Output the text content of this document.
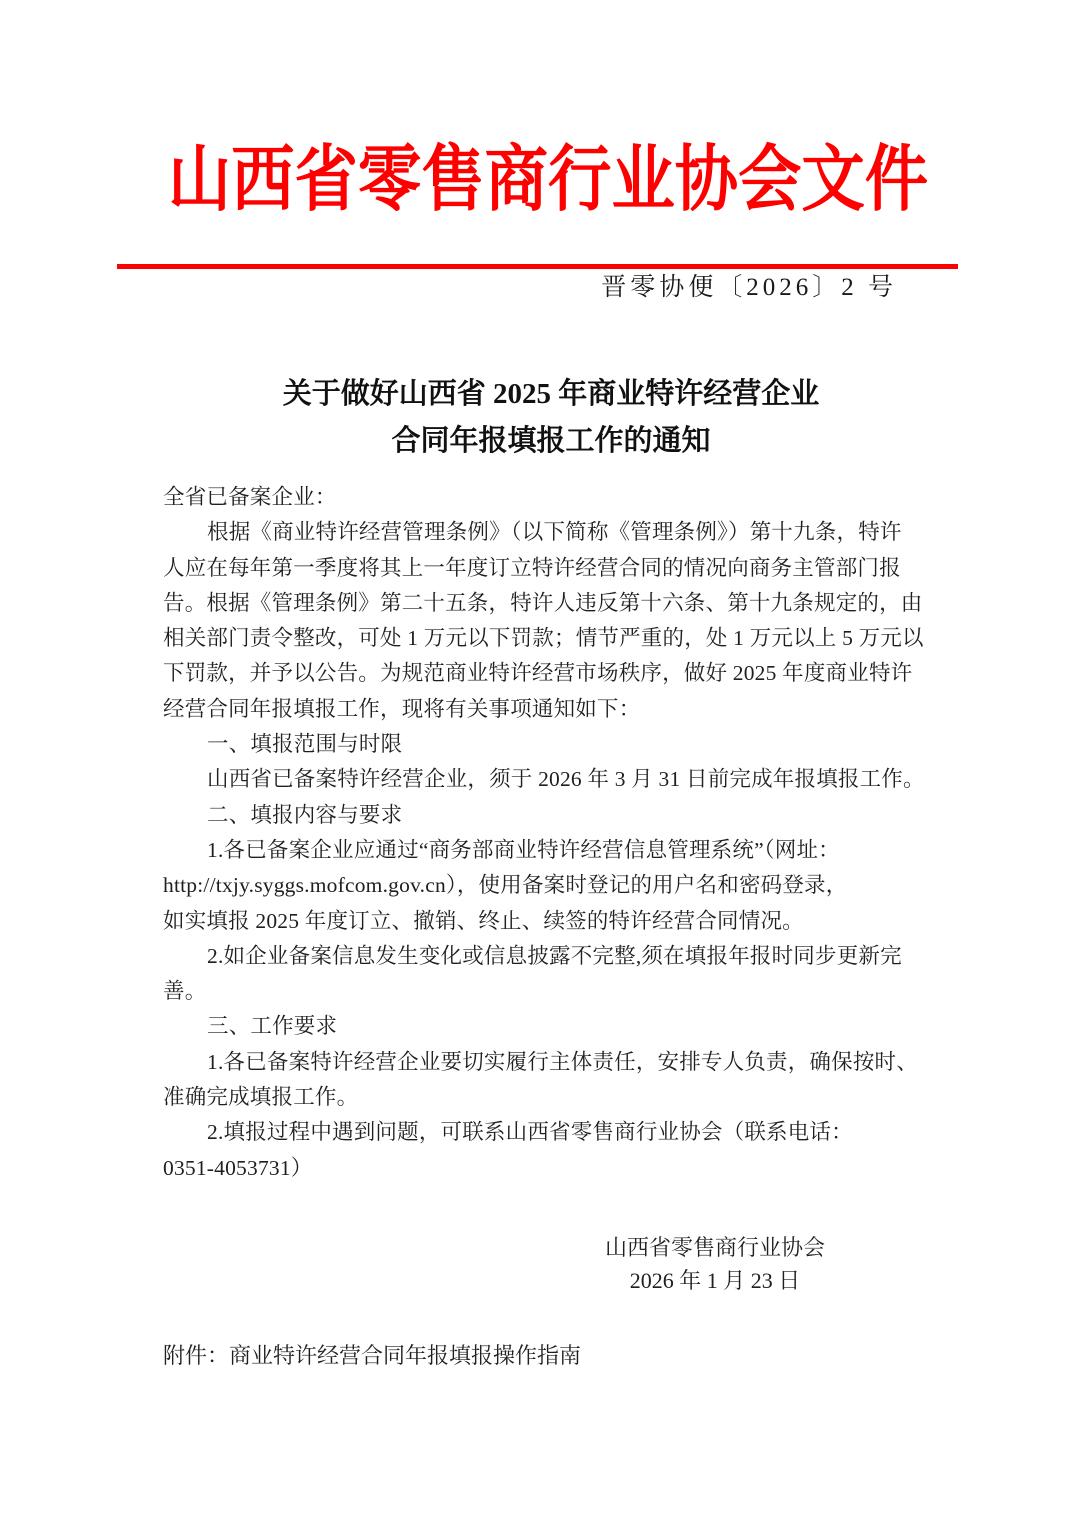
山西省零售商行业协会文件
晋零协便〔2026〕2 号
关于做好山西省 2025 年商业特许经营企业
合同年报填报工作的通知
全省已备案企业：
根据《商业特许经营管理条例》（以下简称《管理条例》）第十九条，特许
人应在每年第一季度将其上一年度订立特许经营合同的情况向商务主管部门报
告。根据《管理条例》第二十五条，特许人违反第十六条、第十九条规定的，由
相关部门责令整改，可处 1 万元以下罚款；情节严重的，处 1 万元以上 5 万元以
下罚款，并予以公告。为规范商业特许经营市场秩序，做好 2025 年度商业特许
经营合同年报填报工作，现将有关事项通知如下：
一、填报范围与时限
山西省已备案特许经营企业，须于 2026 年 3 月 31 日前完成年报填报工作。
二、填报内容与要求
1.各已备案企业应通过“商务部商业特许经营信息管理系统”（网址：
http://txjy.syggs.mofcom.gov.cn），使用备案时登记的用户名和密码登录，
如实填报 2025 年度订立、撤销、终止、续签的特许经营合同情况。
2.如企业备案信息发生变化或信息披露不完整,须在填报年报时同步更新完
善。
三、工作要求
1.各已备案特许经营企业要切实履行主体责任，安排专人负责，确保按时、
准确完成填报工作。
2.填报过程中遇到问题，可联系山西省零售商行业协会（联系电话：
0351-4053731）
山西省零售商行业协会
2026 年 1 月 23 日
附件：商业特许经营合同年报填报操作指南
